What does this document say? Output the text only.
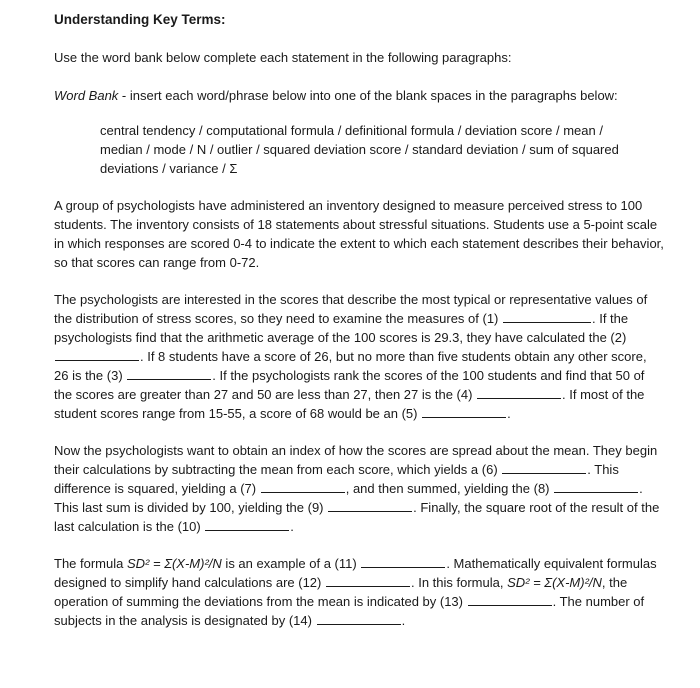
Understanding Key Terms:
Use the word bank below complete each statement in the following paragraphs:
Word Bank - insert each word/phrase below into one of the blank spaces in the paragraphs below:
central tendency / computational formula / definitional formula / deviation score / mean / median / mode / N / outlier / squared deviation score / standard deviation / sum of squared deviations / variance / Σ
A group of psychologists have administered an inventory designed to measure perceived stress to 100 students. The inventory consists of 18 statements about stressful situations. Students use a 5-point scale in which responses are scored 0-4 to indicate the extent to which each statement describes their behavior, so that scores can range from 0-72.
The psychologists are interested in the scores that describe the most typical or representative values of the distribution of stress scores, so they need to examine the measures of (1)	. If the psychologists find that the arithmetic average of the 100 scores is 29.3, they have calculated the (2) . If 8 students have a score of 26, but no more than five students obtain any other score, 26 is the (3)	. If the psychologists rank the scores of the 100 students and find that 50 of the scores are greater than 27 and 50 are less than 27, then 27 is the (4)	. If most of the student scores range from 15-55, a score of 68 would be an (5)	.
Now the psychologists want to obtain an index of how the scores are spread about the mean. They begin their calculations by subtracting the mean from each score, which yields a (6)	. This difference is squared, yielding a (7)	, and then summed, yielding the (8)	. This last sum is divided by 100, yielding the (9)	. Finally, the square root of the result of the last calculation is the (10)	.
The formula SD² = Σ(X-M)²/N is an example of a (11)	. Mathematically equivalent formulas designed to simplify hand calculations are (12)	. In this formula, SD² = Σ(X-M)²/N, the operation of summing the deviations from the mean is indicated by (13)	. The number of subjects in the analysis is designated by (14)	.
